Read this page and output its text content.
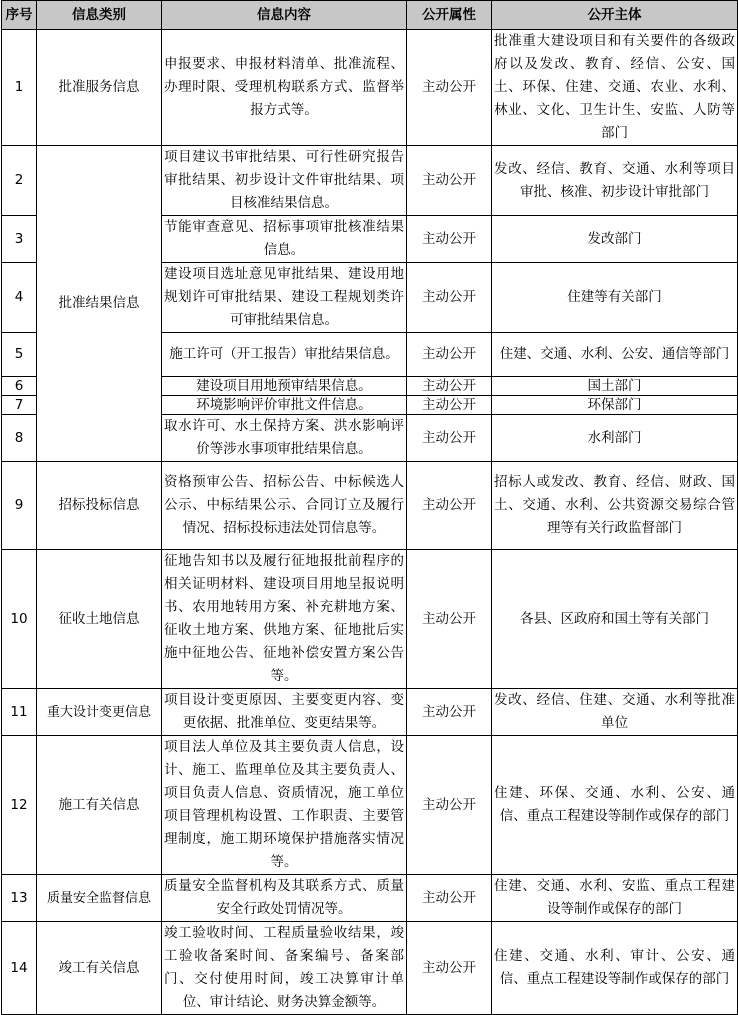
序号	信息类别	信息内容	公开属性	公开主体
1	批准服务信息	申报要求、申报材料清单、批准流程、办理时限、受理机构联系方式、监督举报方式等。	主动公开	批准重大建设项目和有关要件的各级政府以及发改、教育、经信、公安、国土、环保、住建、交通、农业、水利、林业、文化、卫生计生、安监、人防等部门
2	批准结果信息	项目建议书审批结果、可行性研究报告审批结果、初步设计文件审批结果、项目核准结果信息。	主动公开	发改、经信、教育、交通、水利等项目审批、核准、初步设计审批部门
3		节能审查意见、招标事项审批核准结果信息。	主动公开	发改部门
4		建设项目选址意见审批结果、建设用地规划许可审批结果、建设工程规划类许可审批结果信息。	主动公开	住建等有关部门
5		施工许可（开工报告）审批结果信息。	主动公开	住建、交通、水利、公安、通信等部门
6		建设项目用地预审结果信息。	主动公开	国土部门
7		环境影响评价审批文件信息。	主动公开	环保部门
8		取水许可、水土保持方案、洪水影响评价等涉水事项审批结果信息。	主动公开	水利部门
9	招标投标信息	资格预审公告、招标公告、中标候选人公示、中标结果公示、合同订立及履行情况、招标投标违法处罚信息等。	主动公开	招标人或发改、教育、经信、财政、国土、交通、水利、公共资源交易综合管理等有关行政监督部门
10	征收土地信息	征地告知书以及履行征地报批前程序的相关证明材料、建设项目用地呈报说明书、农用地转用方案、补充耕地方案、征收土地方案、供地方案、征地批后实施中征地公告、征地补偿安置方案公告等。	主动公开	各县、区政府和国土等有关部门
11	重大设计变更信息	项目设计变更原因、主要变更内容、变更依据、批准单位、变更结果等。	主动公开	发改、经信、住建、交通、水利等批准单位
12	施工有关信息	项目法人单位及其主要负责人信息，设计、施工、监理单位及其主要负责人、项目负责人信息、资质情况，施工单位项目管理机构设置、工作职责、主要管理制度，施工期环境保护措施落实情况等。	主动公开	住建、环保、交通、水利、公安、通信、重点工程建设等制作或保存的部门
13	质量安全监督信息	质量安全监督机构及其联系方式、质量安全行政处罚情况等。	主动公开	住建、交通、水利、安监、重点工程建设等制作或保存的部门
14	竣工有关信息	竣工验收时间、工程质量验收结果，竣工验收备案时间、备案编号、备案部门、交付使用时间，竣工决算审计单位、审计结论、财务决算金额等。	主动公开	住建、交通、水利、审计、公安、通信、重点工程建设等制作或保存的部门
